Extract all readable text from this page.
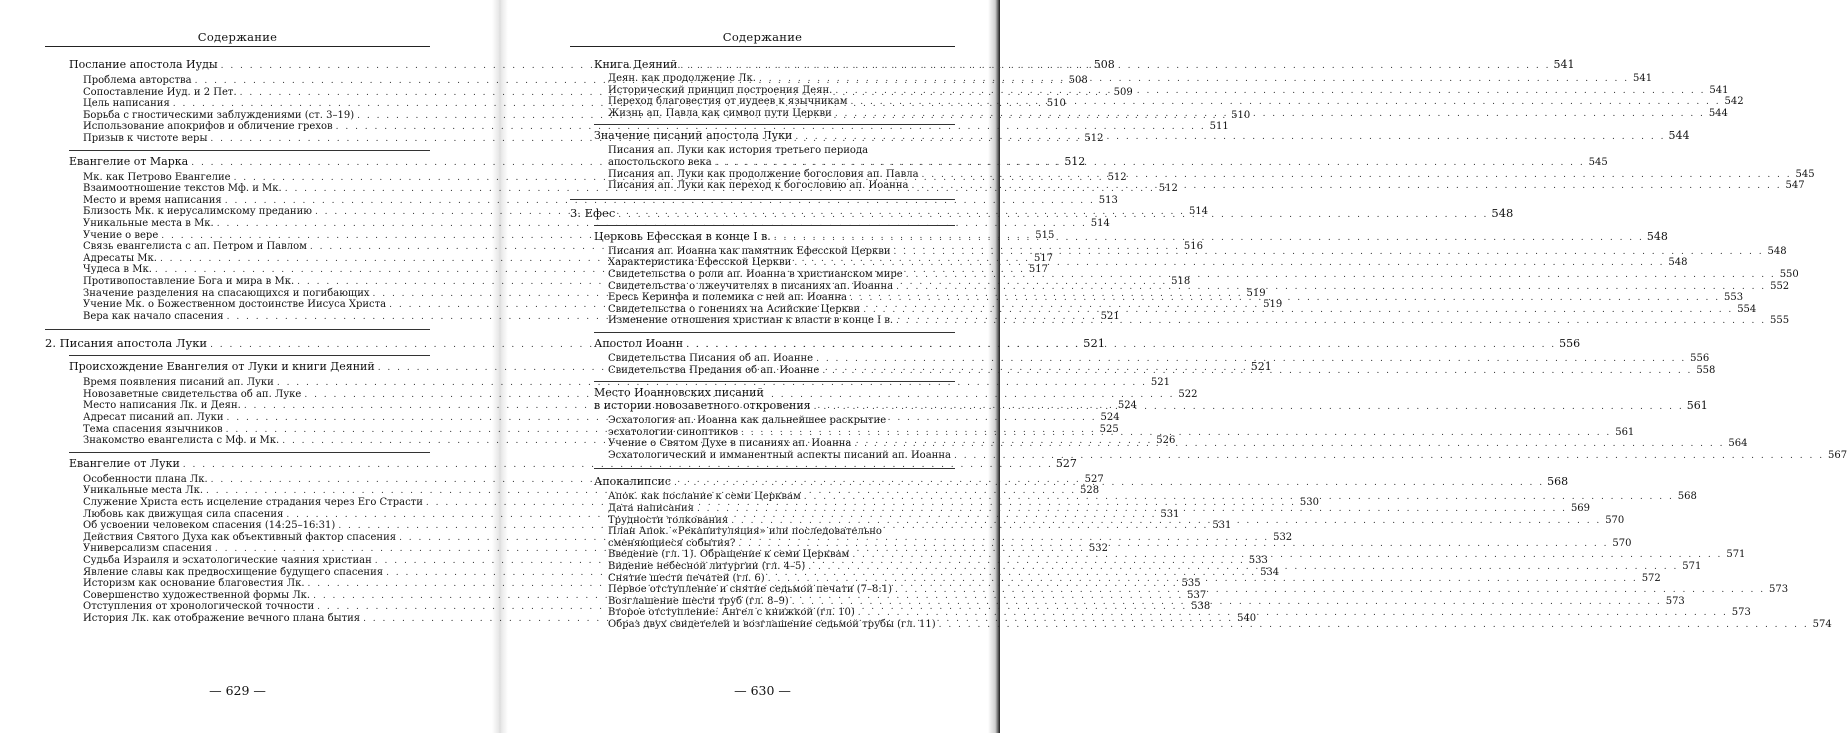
Содержание
Послание апостола Иуды . . .	508
Проблема авторства . . .	508
Сопоставление Иуд. и 2 Пет. . . .	509
Цель написания . . .	510
Борьба с гностическими заблуждениями (ст. 3–19) . . .	510
Использование апокрифов и обличение грехов . . .	511
Призыв к чистоте веры . . .	512
Евангелие от Марка . . .	512
Мк. как Петрово Евангелие . . .	512
Взаимоотношение текстов Мф. и Мк. . . .	512
Место и время написания . . .	513
Близость Мк. к иерусалимскому преданию . . .	514
Уникальные места в Мк. . . .	514
Учение о вере . . .	515
Связь евангелиста с ап. Петром и Павлом . . .	516
Адресаты Мк. . . .	517
Чудеса в Мк. . . .	517
Противопоставление Бога и мира в Мк. . . .	518
Значение разделения на спасающихся и погибающих . . .	519
Учение Мк. о Божественном достоинстве Иисуса Христа . . .	519
Вера как начало спасения . . .	521
2. Писания апостола Луки . . .	521
Происхождение Евангелия от Луки и книги Деяний . . .	521
Время появления писаний ап. Луки . . .	521
Новозаветные свидетельства об ап. Луке . . .	522
Место написания Лк. и Деян. . . .	524
Адресат писаний ап. Луки . . .	524
Тема спасения язычников . . .	525
Знакомство евангелиста с Мф. и Мк. . . .	526
Евангелие от Луки . . .	527
Особенности плана Лк. . . .	527
Уникальные места Лк. . . .	528
Служение Христа есть исцеление страдания через Его Страсти . . .	530
Любовь как движущая сила спасения . . .	531
Об усвоении человеком спасения (14:25–16:31) . . .	531
Действия Святого Духа как объективный фактор спасения . . .	532
Универсализм спасения . . .	532
Судьба Израиля и эсхатологические чаяния христиан . . .	533
Явление славы как предвосхищение будущего спасения . . .	534
Историзм как основание благовестия Лк. . . .	535
Совершенство художественной формы Лк. . . .	537
Отступления от хронологической точности . . .	538
История Лк. как отображение вечного плана бытия . . .	540
— 629 —
Содержание
Книга Деяний . . .	541
Деян. как продолжение Лк. . . .	541
Исторический принцип построения Деян. . . .	541
Переход благовестия от иудеев к язычникам . . .	542
Жизнь ап. Павла как символ пути Церкви . . .	544
Значение писаний апостола Луки . . .	544
Писания ап. Луки как история третьего периода
апостольского века . . .	545
Писания ап. Луки как продолжение богословия ап. Павла . . .	545
Писания ап. Луки как переход к богословию ап. Иоанна . . .	547
3. Ефес . . .	548
Церковь Ефесская в конце I в. . . .	548
Писания ап. Иоанна как памятник Ефесской Церкви . . .	548
Характеристика Ефесской Церкви . . .	548
Свидетельства о роли ап. Иоанна в христианском мире . . .	550
Свидетельства о лжеучителях в писаниях ап. Иоанна . . .	552
Ересь Керинфа и полемика с ней ап. Иоанна . . .	553
Свидетельства о гонениях на Асийские Церкви . . .	554
Изменение отношения христиан к власти в конце I в. . . .	555
Апостол Иоанн . . .	556
Свидетельства Писания об ап. Иоанне . . .	556
Свидетельства Предания об ап. Иоанне . . .	558
Место Иоанновских писаний
в истории новозаветного откровения . . .	561
Эсхатология ап. Иоанна как дальнейшее раскрытие
эсхатологии синоптиков . . .	561
Учение о Святом Духе в писаниях ап. Иоанна . . .	564
Эсхатологический и имманентный аспекты писаний ап. Иоанна . . .	567
Апокалипсис . . .	568
Апок. как послание к семи Церквам . . .	568
Дата написания . . .	569
Трудности толкования . . .	570
План Апок. «Рекапитуляция» или последовательно
сменяющиеся события? . . .	570
Введение (гл. 1). Обращение к семи Церквам . . .	571
Видение небесной литургии (гл. 4–5) . . .	571
Снятие шести печатей (гл. 6) . . .	572
Первое отступление и снятие седьмой печати (7–8:1) . . .	573
Возглашение шести труб (гл. 8–9) . . .	573
Второе отступление: Ангел с книжкой (гл. 10) . . .	573
Образ двух свидетелей и возглашение седьмой трубы (гл. 11) . . .	574
— 630 —
